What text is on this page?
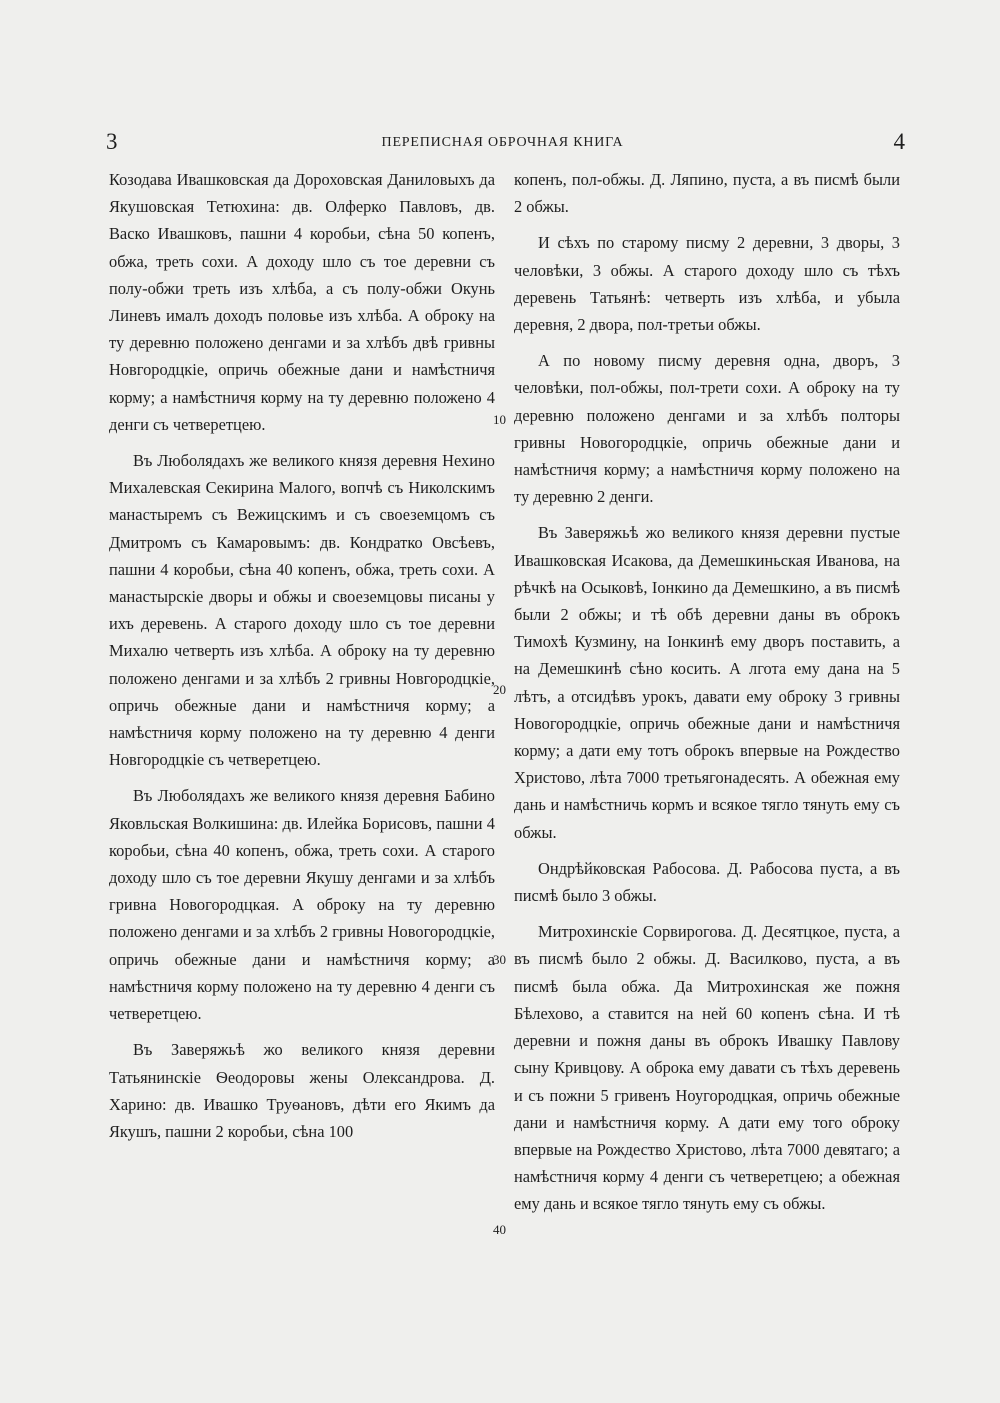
3	ПЕРЕПИСНАЯ ОБРОЧНАЯ КНИГА	4

Козодава Ивашковская да Дороховская Даниловыхъ да Якушовская Тетюхина: дв. Олферко Павловъ, дв. Васко Ивашковъ, пашни 4 коробьи, сѣна 50 копенъ, обжа, треть сохи. А доходу шло съ тое деревни съ полу-обжи треть изъ хлѣба, а съ полу-обжи Окунь Линевъ ималъ доходъ половье изъ хлѣба. А оброку на ту деревню положено денгами и за хлѣбъ двѣ гривны Новгородцкіе, опричь обежные дани и намѣстничя корму; а намѣстничя корму на ту деревню положено 4 денги съ четверетцею.

Въ Люболядахъ же великого князя деревня Нехино Михалевская Секирина Малого, вопчѣ съ Николскимъ манастыремъ съ Вежицскимъ и съ своеземцомъ съ Дмитромъ съ Камаровымъ: дв. Кондратко Овсѣевъ, пашни 4 коробьи, сѣна 40 копенъ, обжа, треть сохи. А манастырскіе дворы и обжы и своеземцовы писаны у ихъ деревень. А старого доходу шло съ тое деревни Михалю четверть изъ хлѣба. А оброку на ту деревню положено денгами и за хлѣбъ 2 гривны Новгородцкіе, опричь обежные дани и намѣстничя корму; а намѣстничя корму положено на ту деревню 4 денги Новгородцкіе съ четверетцею.

Въ Люболядахъ же великого князя деревня Бабино Яковльская Волкишина: дв. Илейка Борисовъ, пашни 4 коробьи, сѣна 40 копенъ, обжа, треть сохи. А старого доходу шло съ тое деревни Якушу денгами и за хлѣбъ гривна Новогородцкая. А оброку на ту деревню положено денгами и за хлѣбъ 2 гривны Новогородцкіе, опричь обежные дани и намѣстничя корму; а намѣстничя корму положено на ту деревню 4 денги съ четверетцею.

Въ Заверяжьѣ жо великого князя деревни Татьянинскіе Ѳеодоровы жены Олександрова. Д. Харино: дв. Ивашко Труѳановъ, дѣти его Якимъ да Якушъ, пашни 2 коробьи, сѣна 100

копенъ, пол-обжы. Д. Ляпино, пуста, а въ писмѣ были 2 обжы.

И сѣхъ по старому писму 2 деревни, 3 дворы, 3 человѣки, 3 обжы. А старого доходу шло съ тѣхъ деревень Татьянѣ: четверть изъ хлѣба, и убыла деревня, 2 двора, пол-третьи обжы.

А по новому писму деревня одна, дворъ, 3 человѣки, пол-обжы, пол-трети сохи. А оброку на ту деревню положено денгами и за хлѣбъ полторы гривны Новогородцкіе, опричь обежные дани и намѣстничя корму; а намѣстничя корму положено на ту деревню 2 денги.

Въ Заверяжьѣ жо великого князя деревни пустые Ивашковская Исакова, да Демешкиньская Иванова, на рѣчкѣ на Осыковѣ, Іонкино да Демешкино, а въ писмѣ были 2 обжы; и тѣ обѣ деревни даны въ оброкъ Тимохѣ Кузмину, на Іонкинѣ ему дворъ поставить, а на Демешкинѣ сѣно косить. А лгота ему дана на 5 лѣтъ, а отсидѣвъ урокъ, давати ему оброку 3 гривны Новогородцкіе, опричь обежные дани и намѣстничя корму; а дати ему тотъ оброкъ впервые на Рождество Христово, лѣта 7000 третьягонадесять. А обежная ему дань и намѣстничь кормъ и всякое тягло тянуть ему съ обжы.

Ондрѣйковская Рабосова. Д. Рабосова пуста, а въ писмѣ было 3 обжы.

Митрохинскіе Сорвирогова. Д. Десятцкое, пуста, а въ писмѣ было 2 обжы. Д. Василково, пуста, а въ писмѣ была обжа. Да Митрохинская же пожня Бѣлехово, а ставится на ней 60 копенъ сѣна. И тѣ деревни и пожня даны въ оброкъ Ивашку Павлову сыну Кривцову. А оброка ему давати съ тѣхъ деревень и съ пожни 5 гривенъ Ноугородцкая, опричь обежные дани и намѣстничя корму. А дати ему того оброку впервые на Рождество Христово, лѣта 7000 девятаго; а намѣстничя корму 4 денги съ четверетцею; а обежная ему дань и всякое тягло тянуть ему съ обжы.

10
20
30
40
